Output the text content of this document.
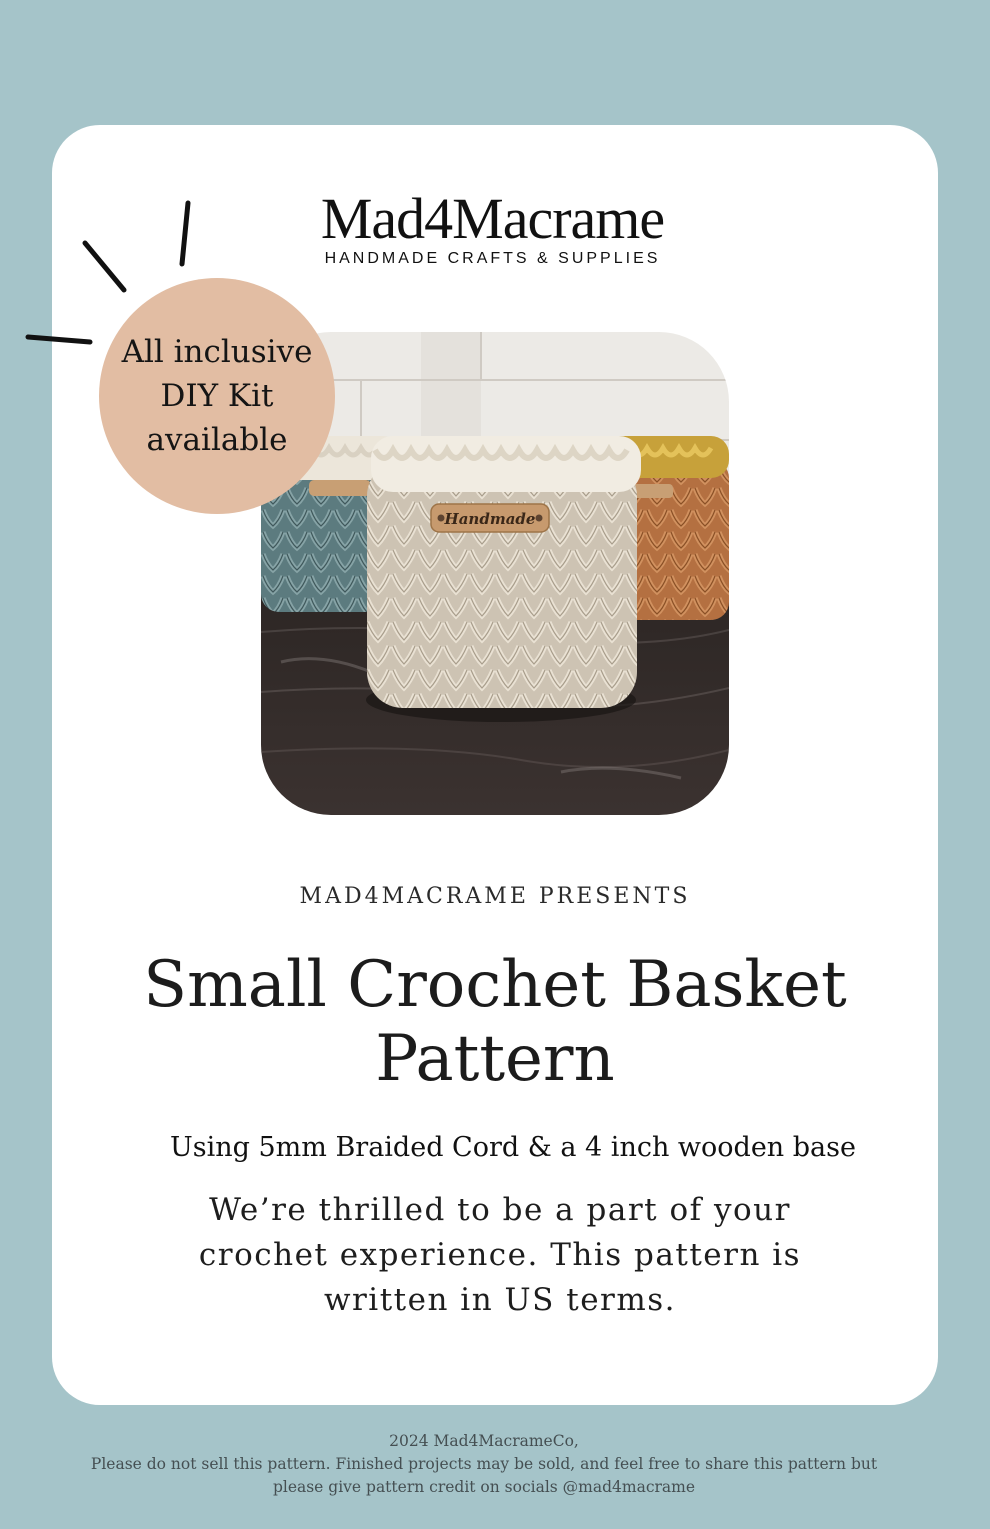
Mad4Macrame
HANDMADE CRAFTS & SUPPLIES
Handmade
All inclusive
DIY Kit
available
MAD4MACRAME PRESENTS
Small Crochet Basket
Pattern
Using 5mm Braided Cord & a 4 inch wooden base
We’re thrilled to be a part of your
crochet experience. This pattern is
written in US terms.
2024 Mad4MacrameCo,
Please do not sell this pattern. Finished projects may be sold, and feel free to share this pattern but
please give pattern credit on socials @mad4macrame
